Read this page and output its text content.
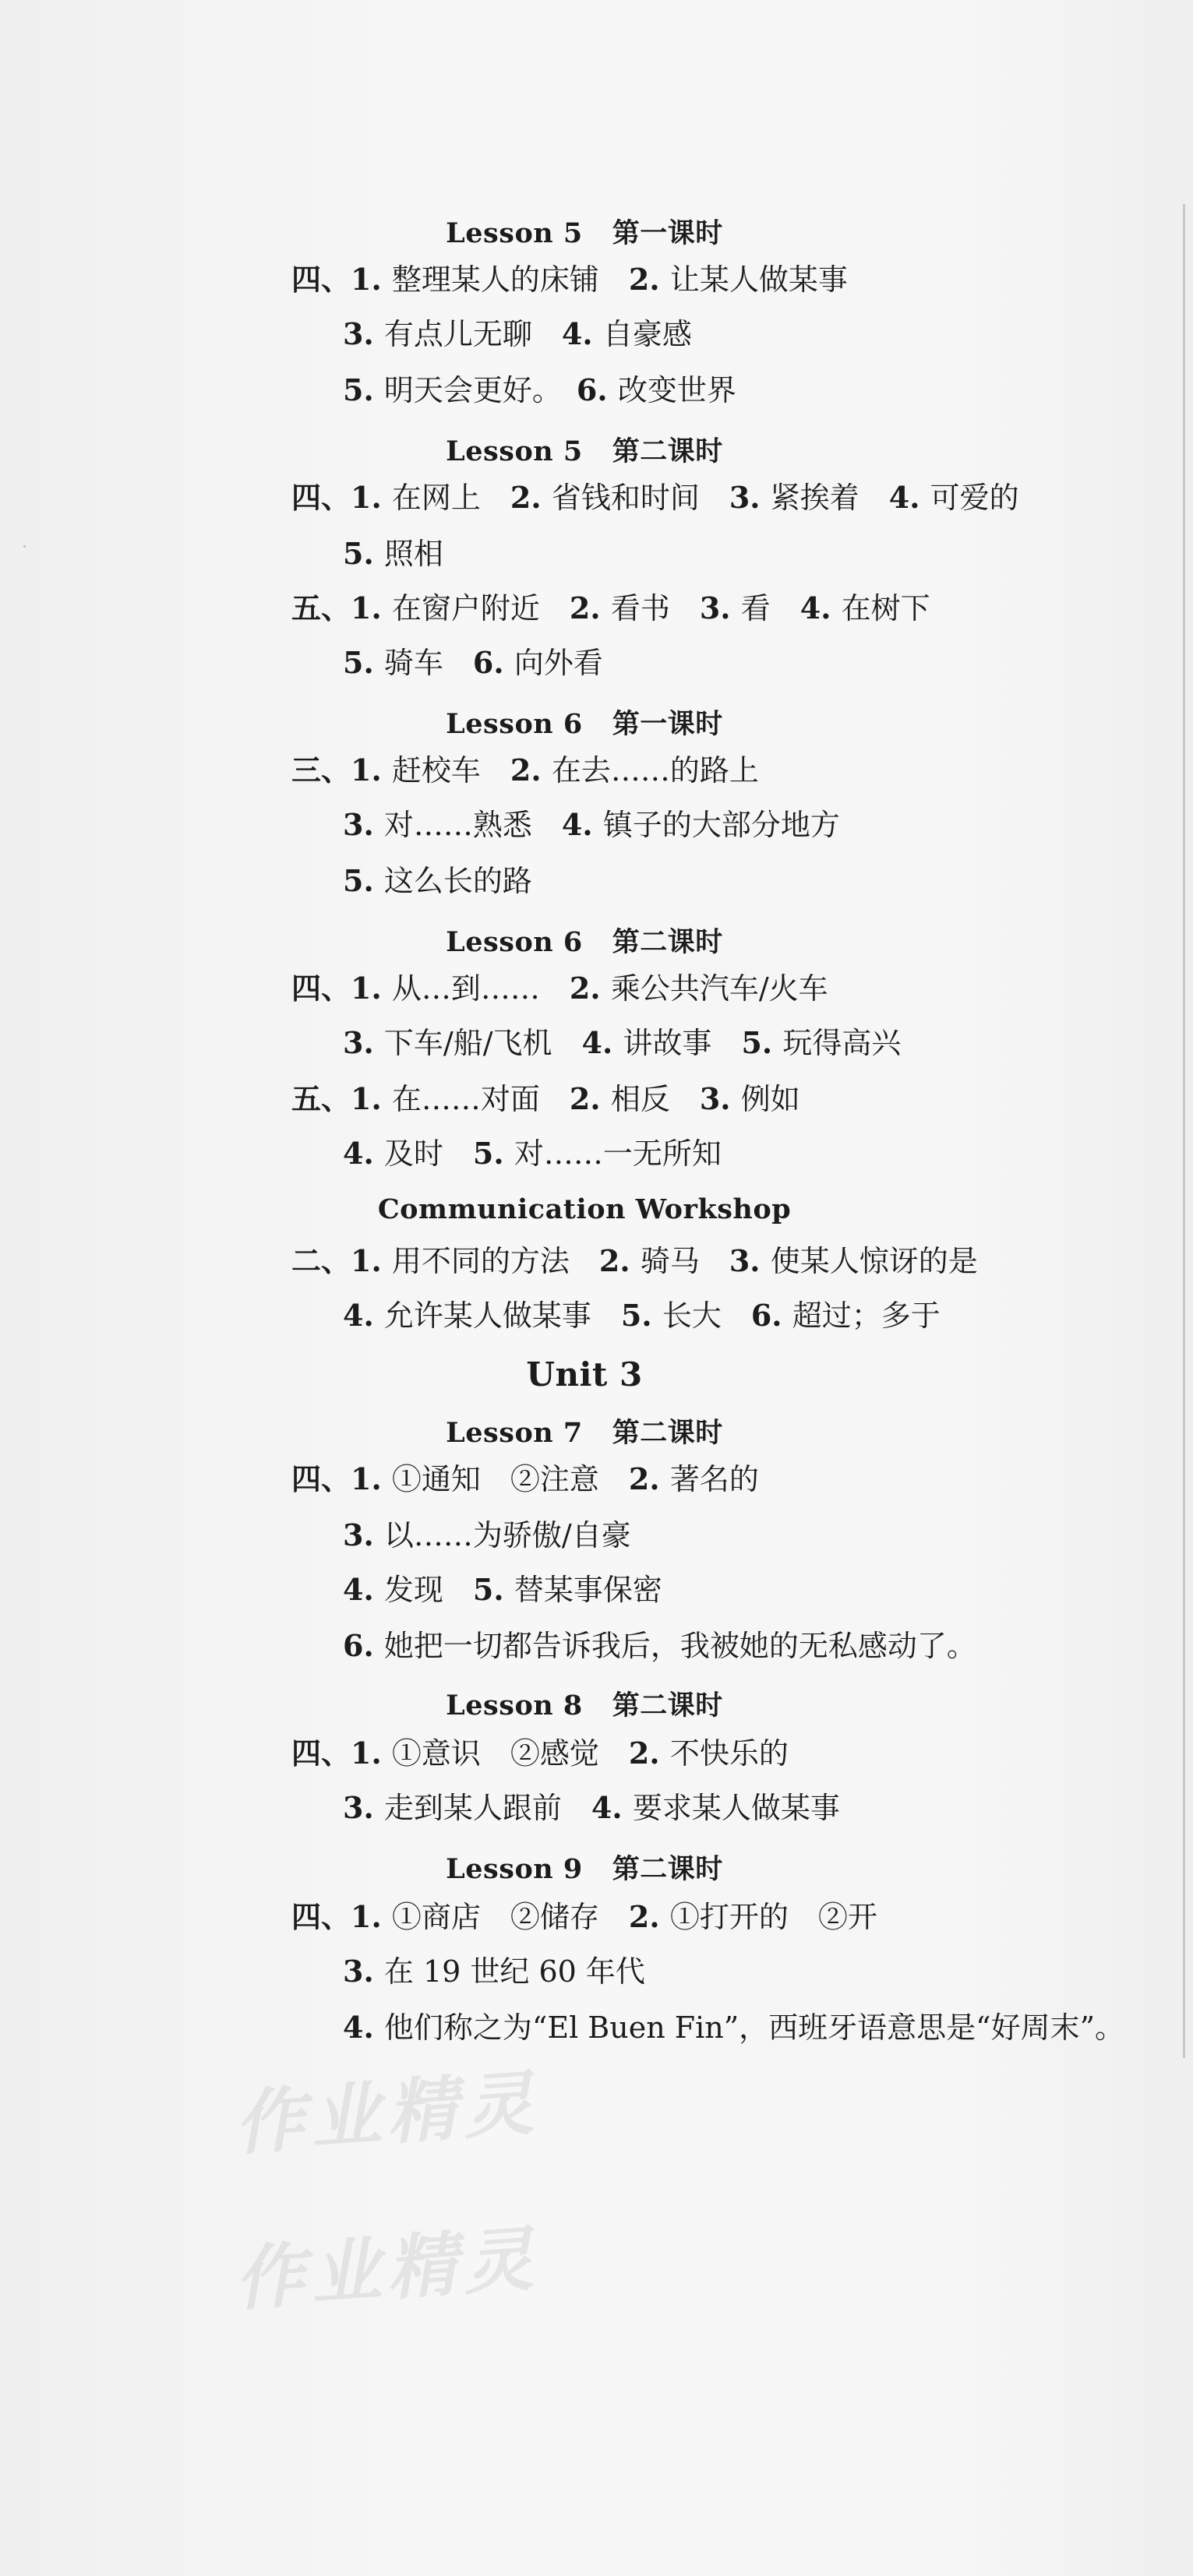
Lesson 5 第一课时
四、1. 整理某人的床铺　2. 让某人做某事
3. 有点儿无聊　4. 自豪感
5. 明天会更好。　6. 改变世界
Lesson 5 第二课时
四、1. 在网上　2. 省钱和时间　3. 紧挨着　4. 可爱的
5. 照相
五、1. 在窗户附近　2. 看书　3. 看　4. 在树下
5. 骑车　6. 向外看
Lesson 6 第一课时
三、1. 赶校车　2. 在去……的路上
3. 对……熟悉　4. 镇子的大部分地方
5. 这么长的路
Lesson 6 第二课时
四、1. 从…到……　2. 乘公共汽车/火车
3. 下车/船/飞机　4. 讲故事　5. 玩得高兴
五、1. 在……对面　2. 相反　3. 例如
4. 及时　5. 对……一无所知
Communication Workshop
二、1. 用不同的方法　2. 骑马　3. 使某人惊讶的是
4. 允许某人做某事　5. 长大　6. 超过；多于
Unit 3
Lesson 7 第二课时
四、1. ①通知　②注意　2. 著名的
3. 以……为骄傲/自豪
4. 发现　5. 替某事保密
6. 她把一切都告诉我后，我被她的无私感动了。
Lesson 8 第二课时
四、1. ①意识　②感觉　2. 不快乐的
3. 走到某人跟前　4. 要求某人做某事
Lesson 9 第二课时
四、1. ①商店　②储存　2. ①打开的　②开
3. 在 19 世纪 60 年代
4. 他们称之为“El Buen Fin”，西班牙语意思是“好周末”。
作业精灵
作业精灵
